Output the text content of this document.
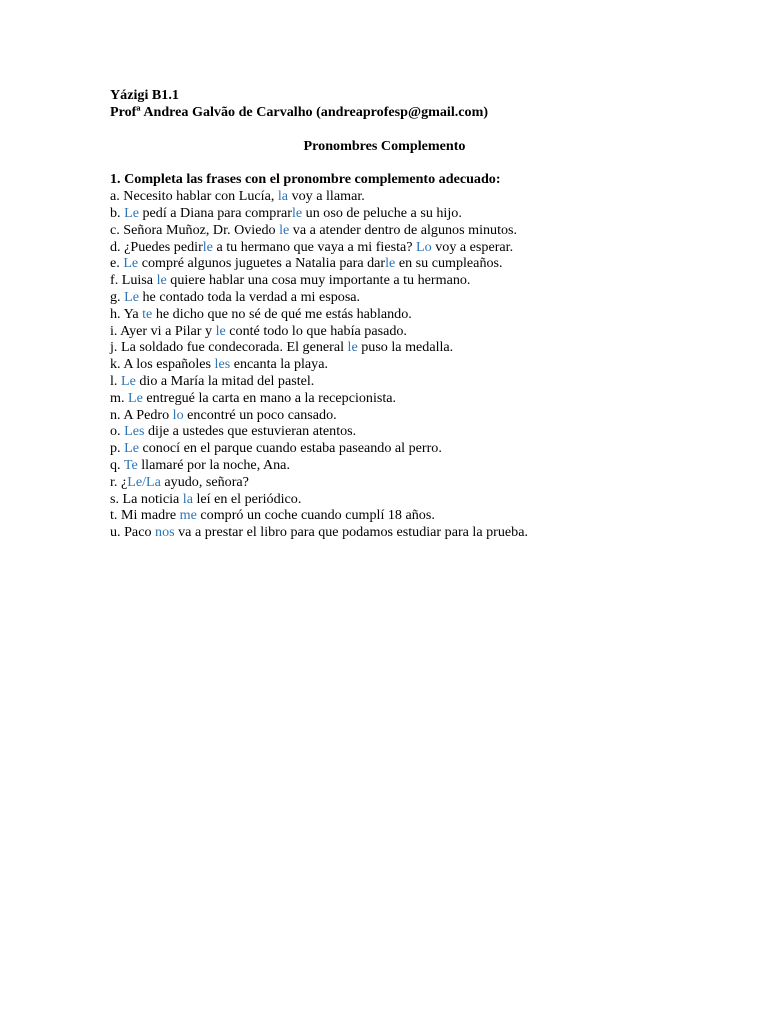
Yázigi B1.1
Profª Andrea Galvão de Carvalho (andreaprofesp@gmail.com)
Pronombres Complemento
1. Completa las frases con el pronombre complemento adecuado:
a. Necesito hablar con Lucía, la voy a llamar.
b. Le pedí a Diana para comprarle un oso de peluche a su hijo.
c. Señora Muñoz, Dr. Oviedo le va a atender dentro de algunos minutos.
d. ¿Puedes pedirle a tu hermano que vaya a mi fiesta? Lo voy a esperar.
e. Le compré algunos juguetes a Natalia para darle en su cumpleaños.
f. Luisa le quiere hablar una cosa muy importante a tu hermano.
g. Le he contado toda la verdad a mi esposa.
h. Ya te he dicho que no sé de qué me estás hablando.
i. Ayer vi a Pilar y le conté todo lo que había pasado.
j. La soldado fue condecorada. El general le puso la medalla.
k. A los españoles les encanta la playa.
l. Le dio a María la mitad del pastel.
m. Le entregué la carta en mano a la recepcionista.
n. A Pedro lo encontré un poco cansado.
o. Les dije a ustedes que estuvieran atentos.
p. Le conocí en el parque cuando estaba paseando al perro.
q. Te llamaré por la noche, Ana.
r. ¿Le/La ayudo, señora?
s. La noticia la leí en el periódico.
t. Mi madre me compró un coche cuando cumplí 18 años.
u. Paco nos va a prestar el libro para que podamos estudiar para la prueba.
